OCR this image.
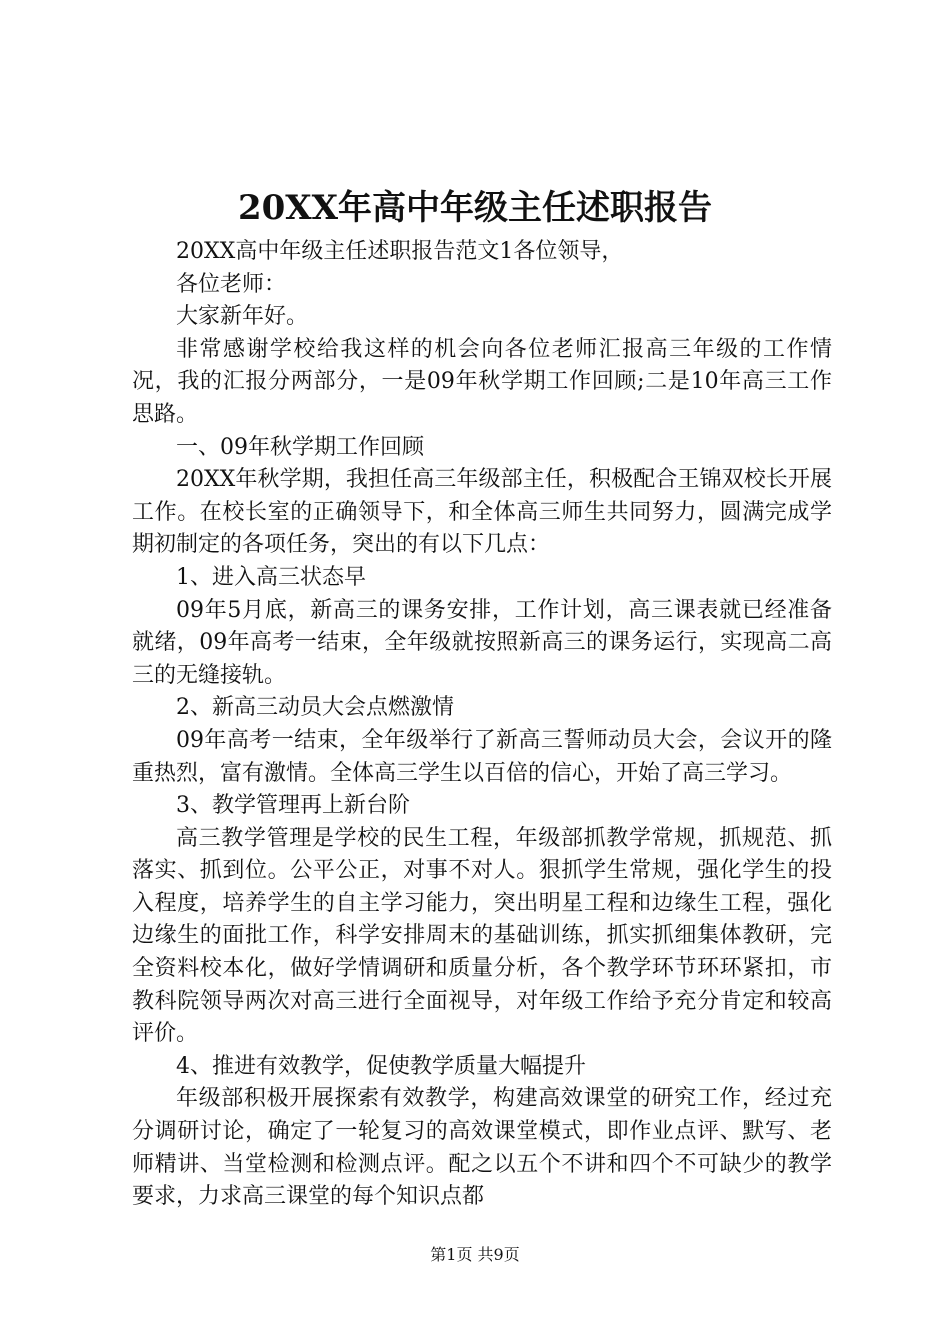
20XX年高中年级主任述职报告

20XX高中年级主任述职报告范文1各位领导，

各位老师：

大家新年好。

非常感谢学校给我这样的机会向各位老师汇报高三年级的工作情况，我的汇报分两部分，一是09年秋学期工作回顾;二是10年高三工作思路。

一、09年秋学期工作回顾

20XX年秋学期，我担任高三年级部主任，积极配合王锦双校长开展工作。在校长室的正确领导下，和全体高三师生共同努力，圆满完成学期初制定的各项任务，突出的有以下几点：

1、进入高三状态早

09年5月底，新高三的课务安排，工作计划，高三课表就已经准备就绪，09年高考一结束，全年级就按照新高三的课务运行，实现高二高三的无缝接轨。

2、新高三动员大会点燃激情

09年高考一结束，全年级举行了新高三誓师动员大会，会议开的隆重热烈，富有激情。全体高三学生以百倍的信心，开始了高三学习。

3、教学管理再上新台阶

高三教学管理是学校的民生工程，年级部抓教学常规，抓规范、抓落实、抓到位。公平公正，对事不对人。狠抓学生常规，强化学生的投入程度，培养学生的自主学习能力，突出明星工程和边缘生工程，强化边缘生的面批工作，科学安排周末的基础训练，抓实抓细集体教研，完全资料校本化，做好学情调研和质量分析，各个教学环节环环紧扣，市教科院领导两次对高三进行全面视导，对年级工作给予充分肯定和较高评价。

4、推进有效教学，促使教学质量大幅提升

年级部积极开展探索有效教学，构建高效课堂的研究工作，经过充分调研讨论，确定了一轮复习的高效课堂模式，即作业点评、默写、老师精讲、当堂检测和检测点评。配之以五个不讲和四个不可缺少的教学要求，力求高三课堂的每个知识点都

第1页 共9页
